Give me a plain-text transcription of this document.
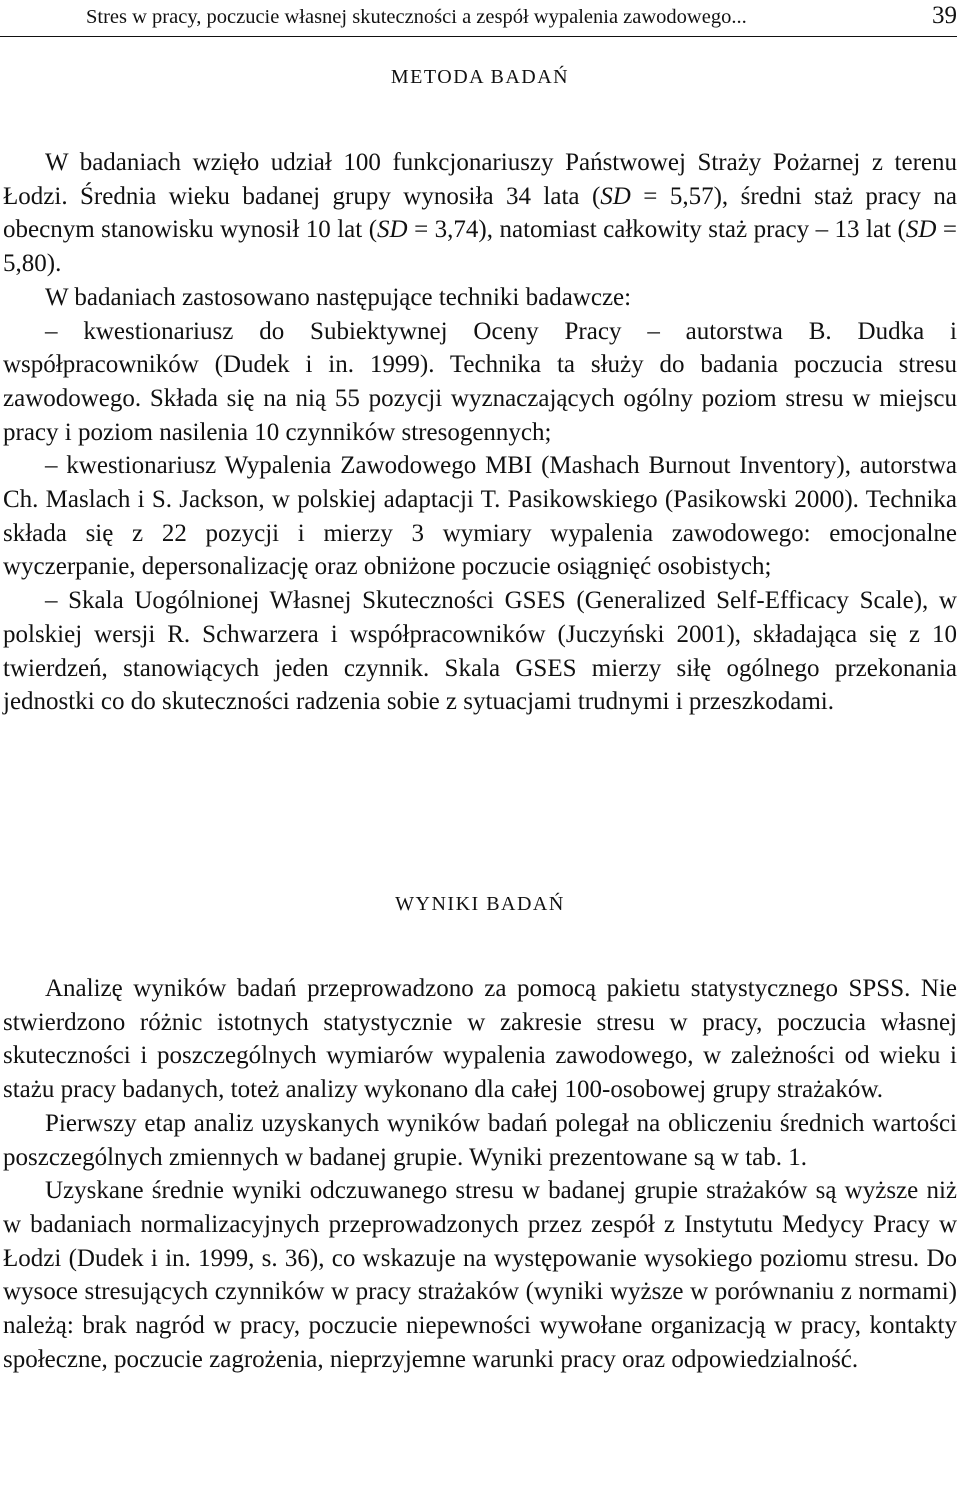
Stres w pracy, poczucie własnej skuteczności a zespół wypalenia zawodowego...	39
METODA BADAŃ

W badaniach wzięło udział 100 funkcjonariuszy Państwowej Straży Pożarnej z terenu Łodzi. Średnia wieku badanej grupy wynosiła 34 lata (SD = 5,57), średni staż pracy na obecnym stanowisku wynosił 10 lat (SD = 3,74), natomiast całkowity staż pracy – 13 lat (SD = 5,80).

W badaniach zastosowano następujące techniki badawcze:

– kwestionariusz do Subiektywnej Oceny Pracy – autorstwa B. Dudka i współpracowników (Dudek i in. 1999). Technika ta służy do badania poczucia stresu zawodowego. Składa się na nią 55 pozycji wyznaczających ogólny poziom stresu w miejscu pracy i poziom nasilenia 10 czynników stresogennych;

– kwestionariusz Wypalenia Zawodowego MBI (Mashach Burnout Inventory), autorstwa Ch. Maslach i S. Jackson, w polskiej adaptacji T. Pasikowskiego (Pasikowski 2000). Technika składa się z 22 pozycji i mierzy 3 wymiary wypalenia zawodowego: emocjonalne wyczerpanie, depersonalizację oraz obniżone poczucie osiągnięć osobistych;

– Skala Uogólnionej Własnej Skuteczności GSES (Generalized Self-Efficacy Scale), w polskiej wersji R. Schwarzera i współpracowników (Juczyński 2001), składająca się z 10 twierdzeń, stanowiących jeden czynnik. Skala GSES mierzy siłę ogólnego przekonania jednostki co do skuteczności radzenia sobie z sytuacjami trudnymi i przeszkodami.

WYNIKI BADAŃ

Analizę wyników badań przeprowadzono za pomocą pakietu statystycznego SPSS. Nie stwierdzono różnic istotnych statystycznie w zakresie stresu w pracy, poczucia własnej skuteczności i poszczególnych wymiarów wypalenia zawodowego, w zależności od wieku i stażu pracy badanych, toteż analizy wykonano dla całej 100-osobowej grupy strażaków.

Pierwszy etap analiz uzyskanych wyników badań polegał na obliczeniu średnich wartości poszczególnych zmiennych w badanej grupie. Wyniki prezentowane są w tab. 1.

Uzyskane średnie wyniki odczuwanego stresu w badanej grupie strażaków są wyższe niż w badaniach normalizacyjnych przeprowadzonych przez zespół z Instytutu Medycy Pracy w Łodzi (Dudek i in. 1999, s. 36), co wskazuje na występowanie wysokiego poziomu stresu. Do wysoce stresujących czynników w pracy strażaków (wyniki wyższe w porównaniu z normami) należą: brak nagród w pracy, poczucie niepewności wywołane organizacją w pracy, kontakty społeczne, poczucie zagrożenia, nieprzyjemne warunki pracy oraz odpowiedzialność.
